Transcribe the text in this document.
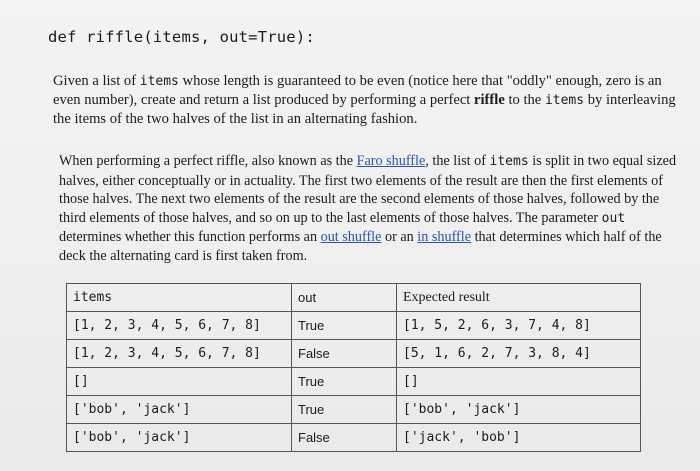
def riffle(items, out=True):

Given a list of items whose length is guaranteed to be even (notice here that "oddly" enough, zero is an even number), create and return a list produced by performing a perfect riffle to the items by interleaving the items of the two halves of the list in an alternating fashion.

When performing a perfect riffle, also known as the Faro shuffle, the list of items is split in two equal sized halves, either conceptually or in actuality. The first two elements of the result are then the first elements of those halves. The next two elements of the result are the second elements of those halves, followed by the third elements of those halves, and so on up to the last elements of those halves. The parameter out determines whether this function performs an out shuffle or an in shuffle that determines which half of the deck the alternating card is first taken from.

items	out	Expected result
[1, 2, 3, 4, 5, 6, 7, 8]	True	[1, 5, 2, 6, 3, 7, 4, 8]
[1, 2, 3, 4, 5, 6, 7, 8]	False	[5, 1, 6, 2, 7, 3, 8, 4]
[]	True	[]
['bob', 'jack']	True	['bob', 'jack']
['bob', 'jack']	False	['jack', 'bob']
